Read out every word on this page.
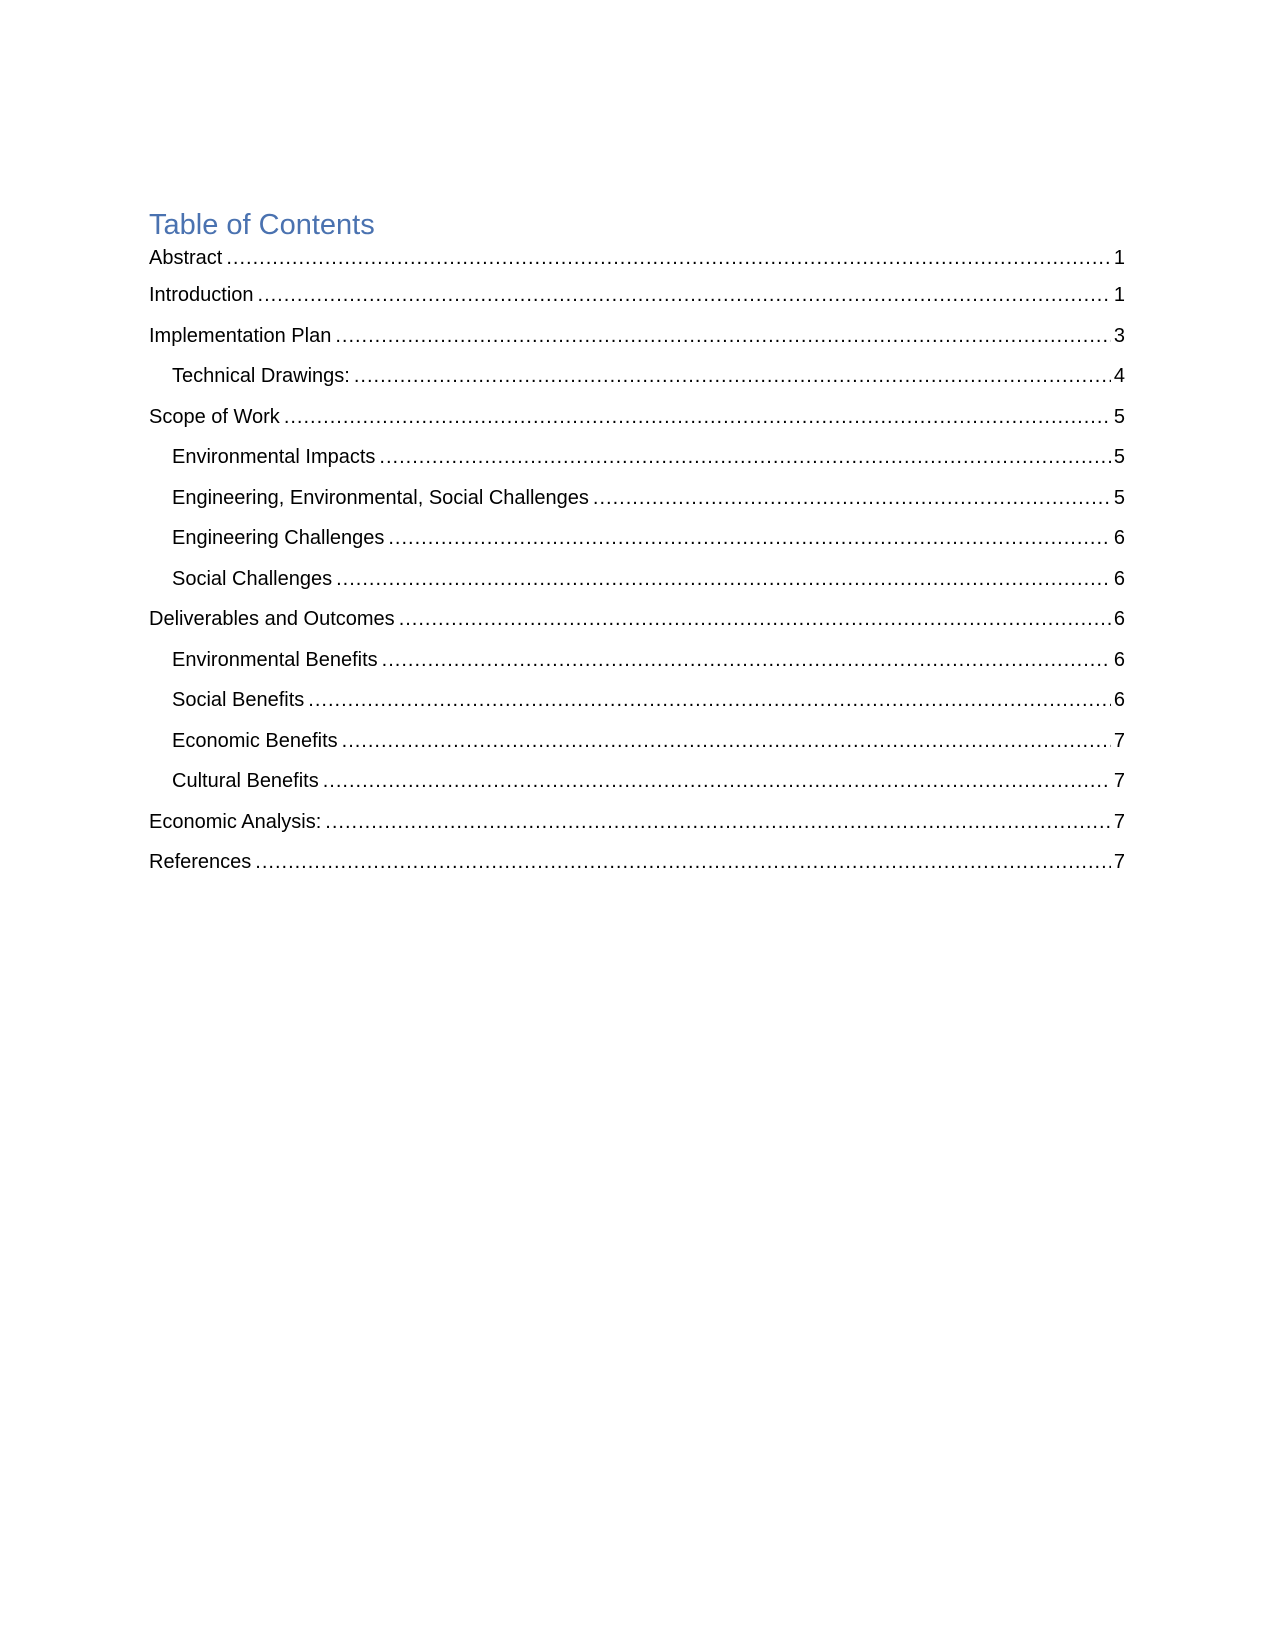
Table of Contents
Abstract .....	1
Introduction .....	1
Implementation Plan .....	3
Technical Drawings: .....	4
Scope of Work .....	5
Environmental Impacts .....	5
Engineering, Environmental, Social Challenges .....	5
Engineering Challenges .....	6
Social Challenges .....	6
Deliverables and Outcomes .....	6
Environmental Benefits .....	6
Social Benefits .....	6
Economic Benefits .....	7
Cultural Benefits .....	7
Economic Analysis: .....	7
References .....	7
